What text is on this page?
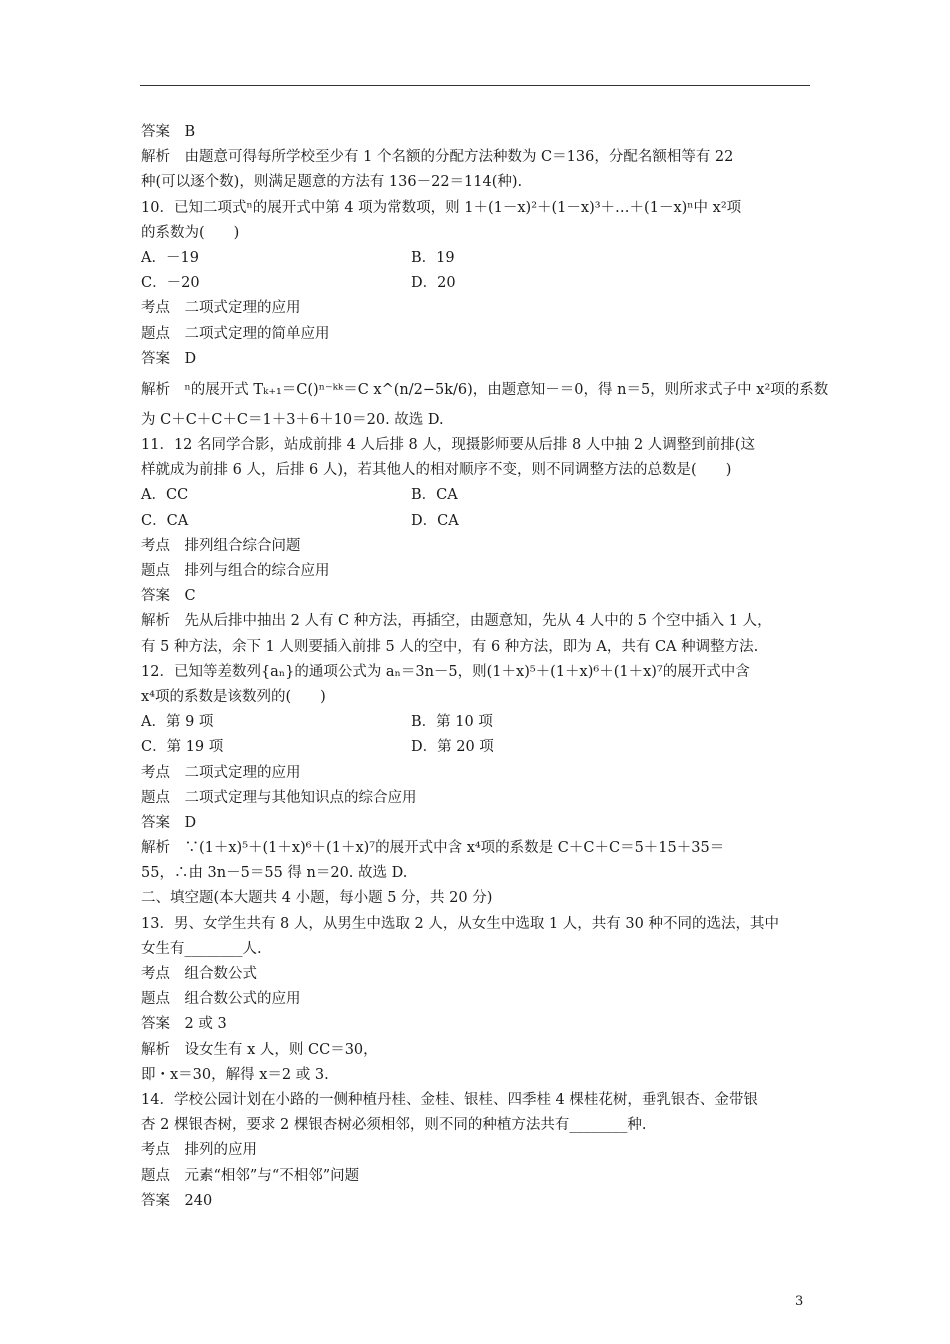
答案　B
解析　由题意可得每所学校至少有 1 个名额的分配方法种数为 C＝136，分配名额相等有 22
种(可以逐个数)，则满足题意的方法有 136－22＝114(种).
10．已知二项式ⁿ的展开式中第 4 项为常数项，则 1＋(1－x)²＋(1－x)³＋…＋(1－x)ⁿ中 x²项
的系数为(　　)
A．－19	B．19
C．－20	D．20
考点　二项式定理的应用
题点　二项式定理的简单应用
答案　D
解析　ⁿ的展开式 Tₖ₊₁＝C()ⁿ⁻ᵏᵏ＝C x^(n/2−5k/6)，由题意知－＝0，得 n＝5，则所求式子中 x²项的系数
为 C＋C＋C＋C＝1＋3＋6＋10＝20. 故选 D.
11．12 名同学合影，站成前排 4 人后排 8 人，现摄影师要从后排 8 人中抽 2 人调整到前排(这
样就成为前排 6 人，后排 6 人)，若其他人的相对顺序不变，则不同调整方法的总数是(　　)
A．CC	B．CA
C．CA	D．CA
考点　排列组合综合问题
题点　排列与组合的综合应用
答案　C
解析　先从后排中抽出 2 人有 C 种方法，再插空，由题意知，先从 4 人中的 5 个空中插入 1 人，
有 5 种方法，余下 1 人则要插入前排 5 人的空中，有 6 种方法，即为 A，共有 CA 种调整方法.
12．已知等差数列{aₙ}的通项公式为 aₙ＝3n－5，则(1＋x)⁵＋(1＋x)⁶＋(1＋x)⁷的展开式中含
x⁴项的系数是该数列的(　　)
A．第 9 项	B．第 10 项
C．第 19 项	D．第 20 项
考点　二项式定理的应用
题点　二项式定理与其他知识点的综合应用
答案　D
解析　∵(1＋x)⁵＋(1＋x)⁶＋(1＋x)⁷的展开式中含 x⁴项的系数是 C＋C＋C＝5＋15＋35＝
55，∴由 3n－5＝55 得 n＝20. 故选 D.
二、填空题(本大题共 4 小题，每小题 5 分，共 20 分)
13．男、女学生共有 8 人，从男生中选取 2 人，从女生中选取 1 人，共有 30 种不同的选法，其中
女生有________人.
考点　组合数公式
题点　组合数公式的应用
答案　2 或 3
解析　设女生有 x 人，则 CC＝30，
即・x＝30，解得 x＝2 或 3.
14．学校公园计划在小路的一侧种植丹桂、金桂、银桂、四季桂 4 棵桂花树，垂乳银杏、金带银
杏 2 棵银杏树，要求 2 棵银杏树必须相邻，则不同的种植方法共有________种.
考点　排列的应用
题点　元素“相邻”与“不相邻”问题
答案　240
3
